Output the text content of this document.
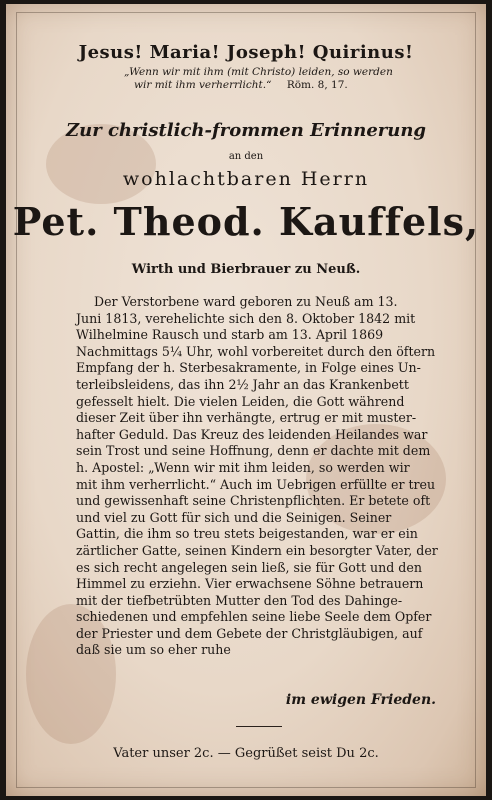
Jesus! Maria! Joseph! Quirinus!
„Wenn wir mit ihm (mit Christo) leiden, so werden
wir mit ihm verherrlicht.“ Röm. 8, 17.
Zur christlich-frommen Erinnerung
an den
wohlachtbaren Herrn
Pet. Theod. Kauffels,
Wirth und Bierbrauer zu Neuß.
Der Verstorbene ward geboren zu Neuß am 13.
Juni 1813, verehelichte sich den 8. Oktober 1842 mit
Wilhelmine Rausch und starb am 13. April 1869
Nachmittags 5¼ Uhr, wohl vorbereitet durch den öftern
Empfang der h. Sterbesakramente, in Folge eines Un-
terleibsleidens, das ihn 2½ Jahr an das Krankenbett
gefesselt hielt. Die vielen Leiden, die Gott während
dieser Zeit über ihn verhängte, ertrug er mit muster-
hafter Geduld. Das Kreuz des leidenden Heilandes war
sein Trost und seine Hoffnung, denn er dachte mit dem
h. Apostel: „Wenn wir mit ihm leiden, so werden wir
mit ihm verherrlicht.“ Auch im Uebrigen erfüllte er treu
und gewissenhaft seine Christenpflichten. Er betete oft
und viel zu Gott für sich und die Seinigen. Seiner
Gattin, die ihm so treu stets beigestanden, war er ein
zärtlicher Gatte, seinen Kindern ein besorgter Vater, der
es sich recht angelegen sein ließ, sie für Gott und den
Himmel zu erziehn. Vier erwachsene Söhne betrauern
mit der tiefbetrübten Mutter den Tod des Dahinge-
schiedenen und empfehlen seine liebe Seele dem Opfer
der Priester und dem Gebete der Christgläubigen, auf
daß sie um so eher ruhe
im ewigen Frieden.
Vater unser 2c. — Gegrüßet seist Du 2c.
